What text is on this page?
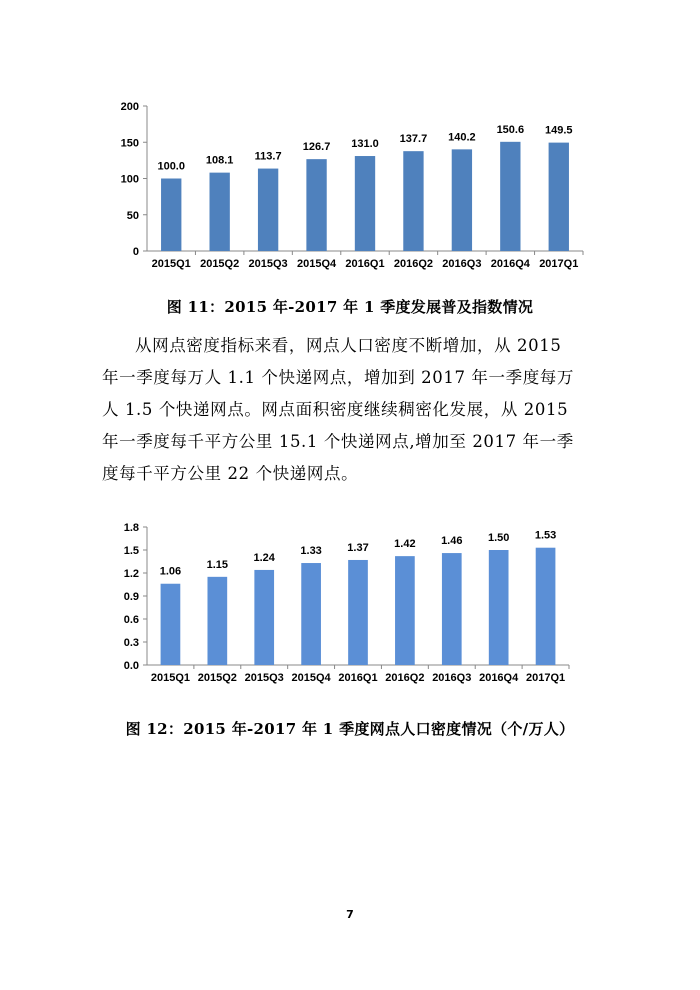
0
50
100
150
200
100.0
2015Q1
108.1
2015Q2
113.7
2015Q3
126.7
2015Q4
131.0
2016Q1
137.7
2016Q2
140.2
2016Q3
150.6
2016Q4
149.5
2017Q1
图 11：2015 年-2017 年 1 季度发展普及指数情况

从网点密度指标来看，网点人口密度不断增加，从 2015

年一季度每万人 1.1 个快递网点，增加到 2017 年一季度每万

人 1.5 个快递网点。网点面积密度继续稠密化发展，从 2015

年一季度每千平方公里 15.1 个快递网点,增加至 2017 年一季

度每千平方公里 22 个快递网点。

0.0
0.3
0.6
0.9
1.2
1.5
1.8
1.06
2015Q1
1.15
2015Q2
1.24
2015Q3
1.33
2015Q4
1.37
2016Q1
1.42
2016Q2
1.46
2016Q3
1.50
2016Q4
1.53
2017Q1
图 12：2015 年-2017 年 1 季度网点人口密度情况（个/万人）
7
